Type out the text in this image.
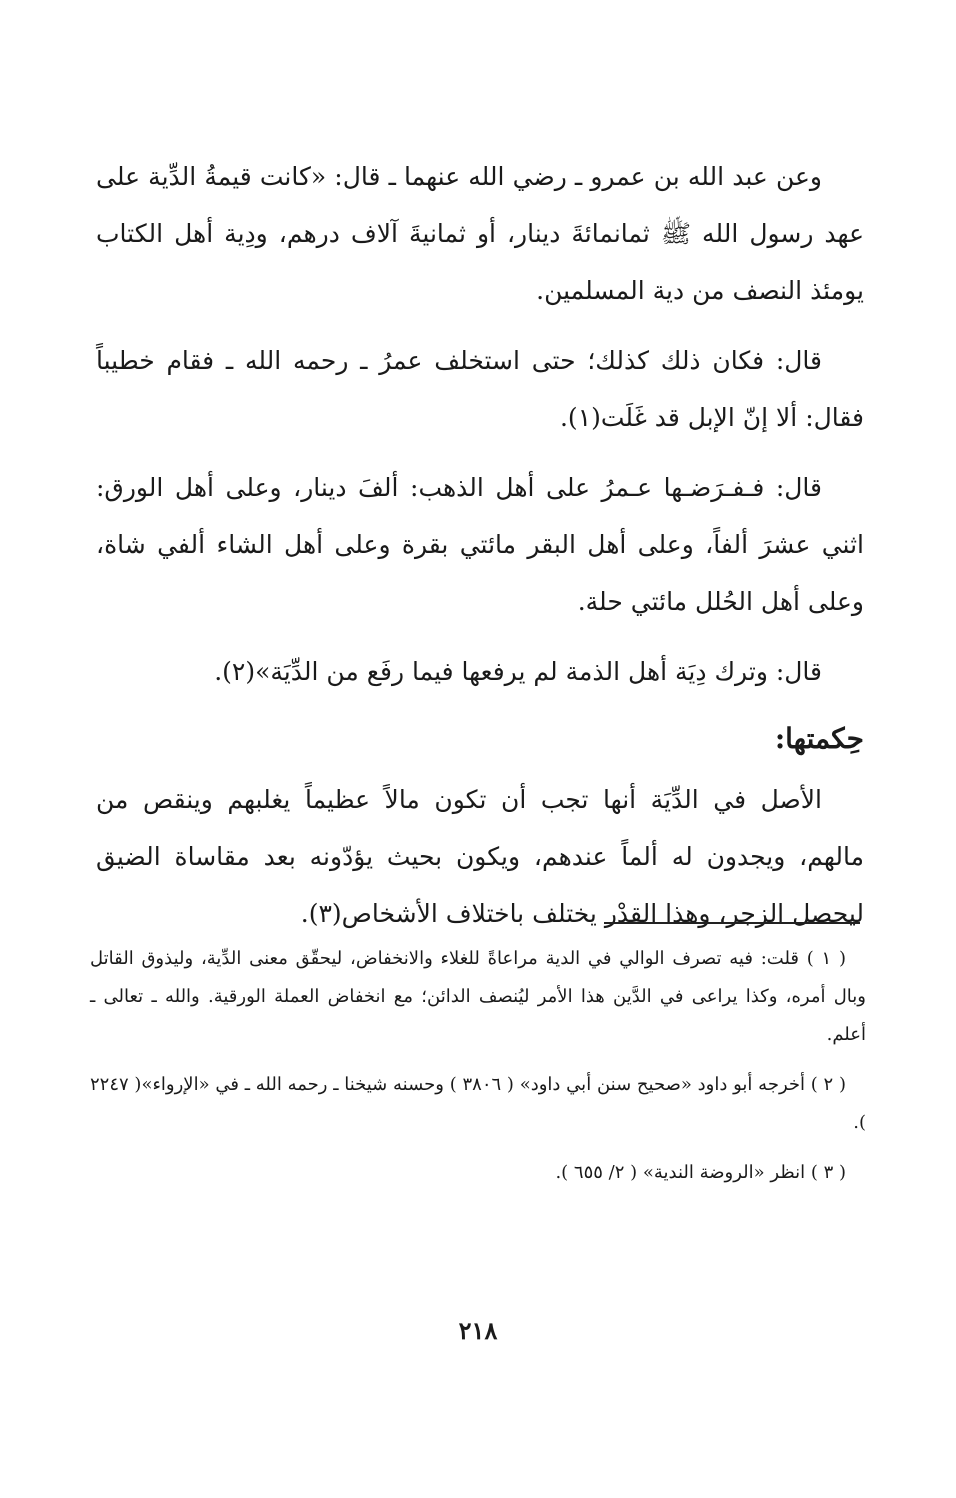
وعن عبد الله بن عمرو ـ رضي الله عنهما ـ قال: «كانت قيمةُ الدِّية على عهد رسول الله ﷺ ثمانمائةَ دينار، أو ثمانيةَ آلاف درهم، ودِية أهل الكتاب يومئذ النصف من دية المسلمين.

قال: فكان ذلك كذلك؛ حتى استخلف عمرُ ـ رحمه الله ـ فقام خطيباً فقال: ألا إنّ الإبل قد غَلَت(١).

قال: فـفـرَضـها عـمرُ على أهل الذهب: ألفَ دينار، وعلى أهل الورق: اثني عشرَ ألفاً، وعلى أهل البقر مائتي بقرة وعلى أهل الشاء ألفي شاة، وعلى أهل الحُلل مائتي حلة.

قال: وترك دِيَة أهل الذمة لم يرفعها فيما رفَع من الدِّيَة»(٢).

حِكمتها:

الأصل في الدِّيَة أنها تجب أن تكون مالاً عظيماً يغلبهم وينقص من مالهم، ويجدون له ألماً عندهم، ويكون بحيث يؤدّونه بعد مقاساة الضيق ليحصل الزجر، وهذا القدْر يختلف باختلاف الأشخاص(٣).

( ١ ) قلت: فيه تصرف الوالي في الدية مراعاةً للغلاء والانخفاض، ليحقّق معنى الدِّية، وليذوق القاتل وبال أمره، وكذا يراعى في الدَّين هذا الأمر ليُنصف الدائن؛ مع انخفاض العملة الورقية. والله ـ تعالى ـ أعلم.

( ٢ ) أخرجه أبو داود «صحيح سنن أبي داود» ( ٣٨٠٦ ) وحسنه شيخنا ـ رحمه الله ـ في «الإرواء»( ٢٢٤٧ ).

( ٣ ) انظر «الروضة الندية» ( ٢/ ٦٥٥ ).

٢١٨
